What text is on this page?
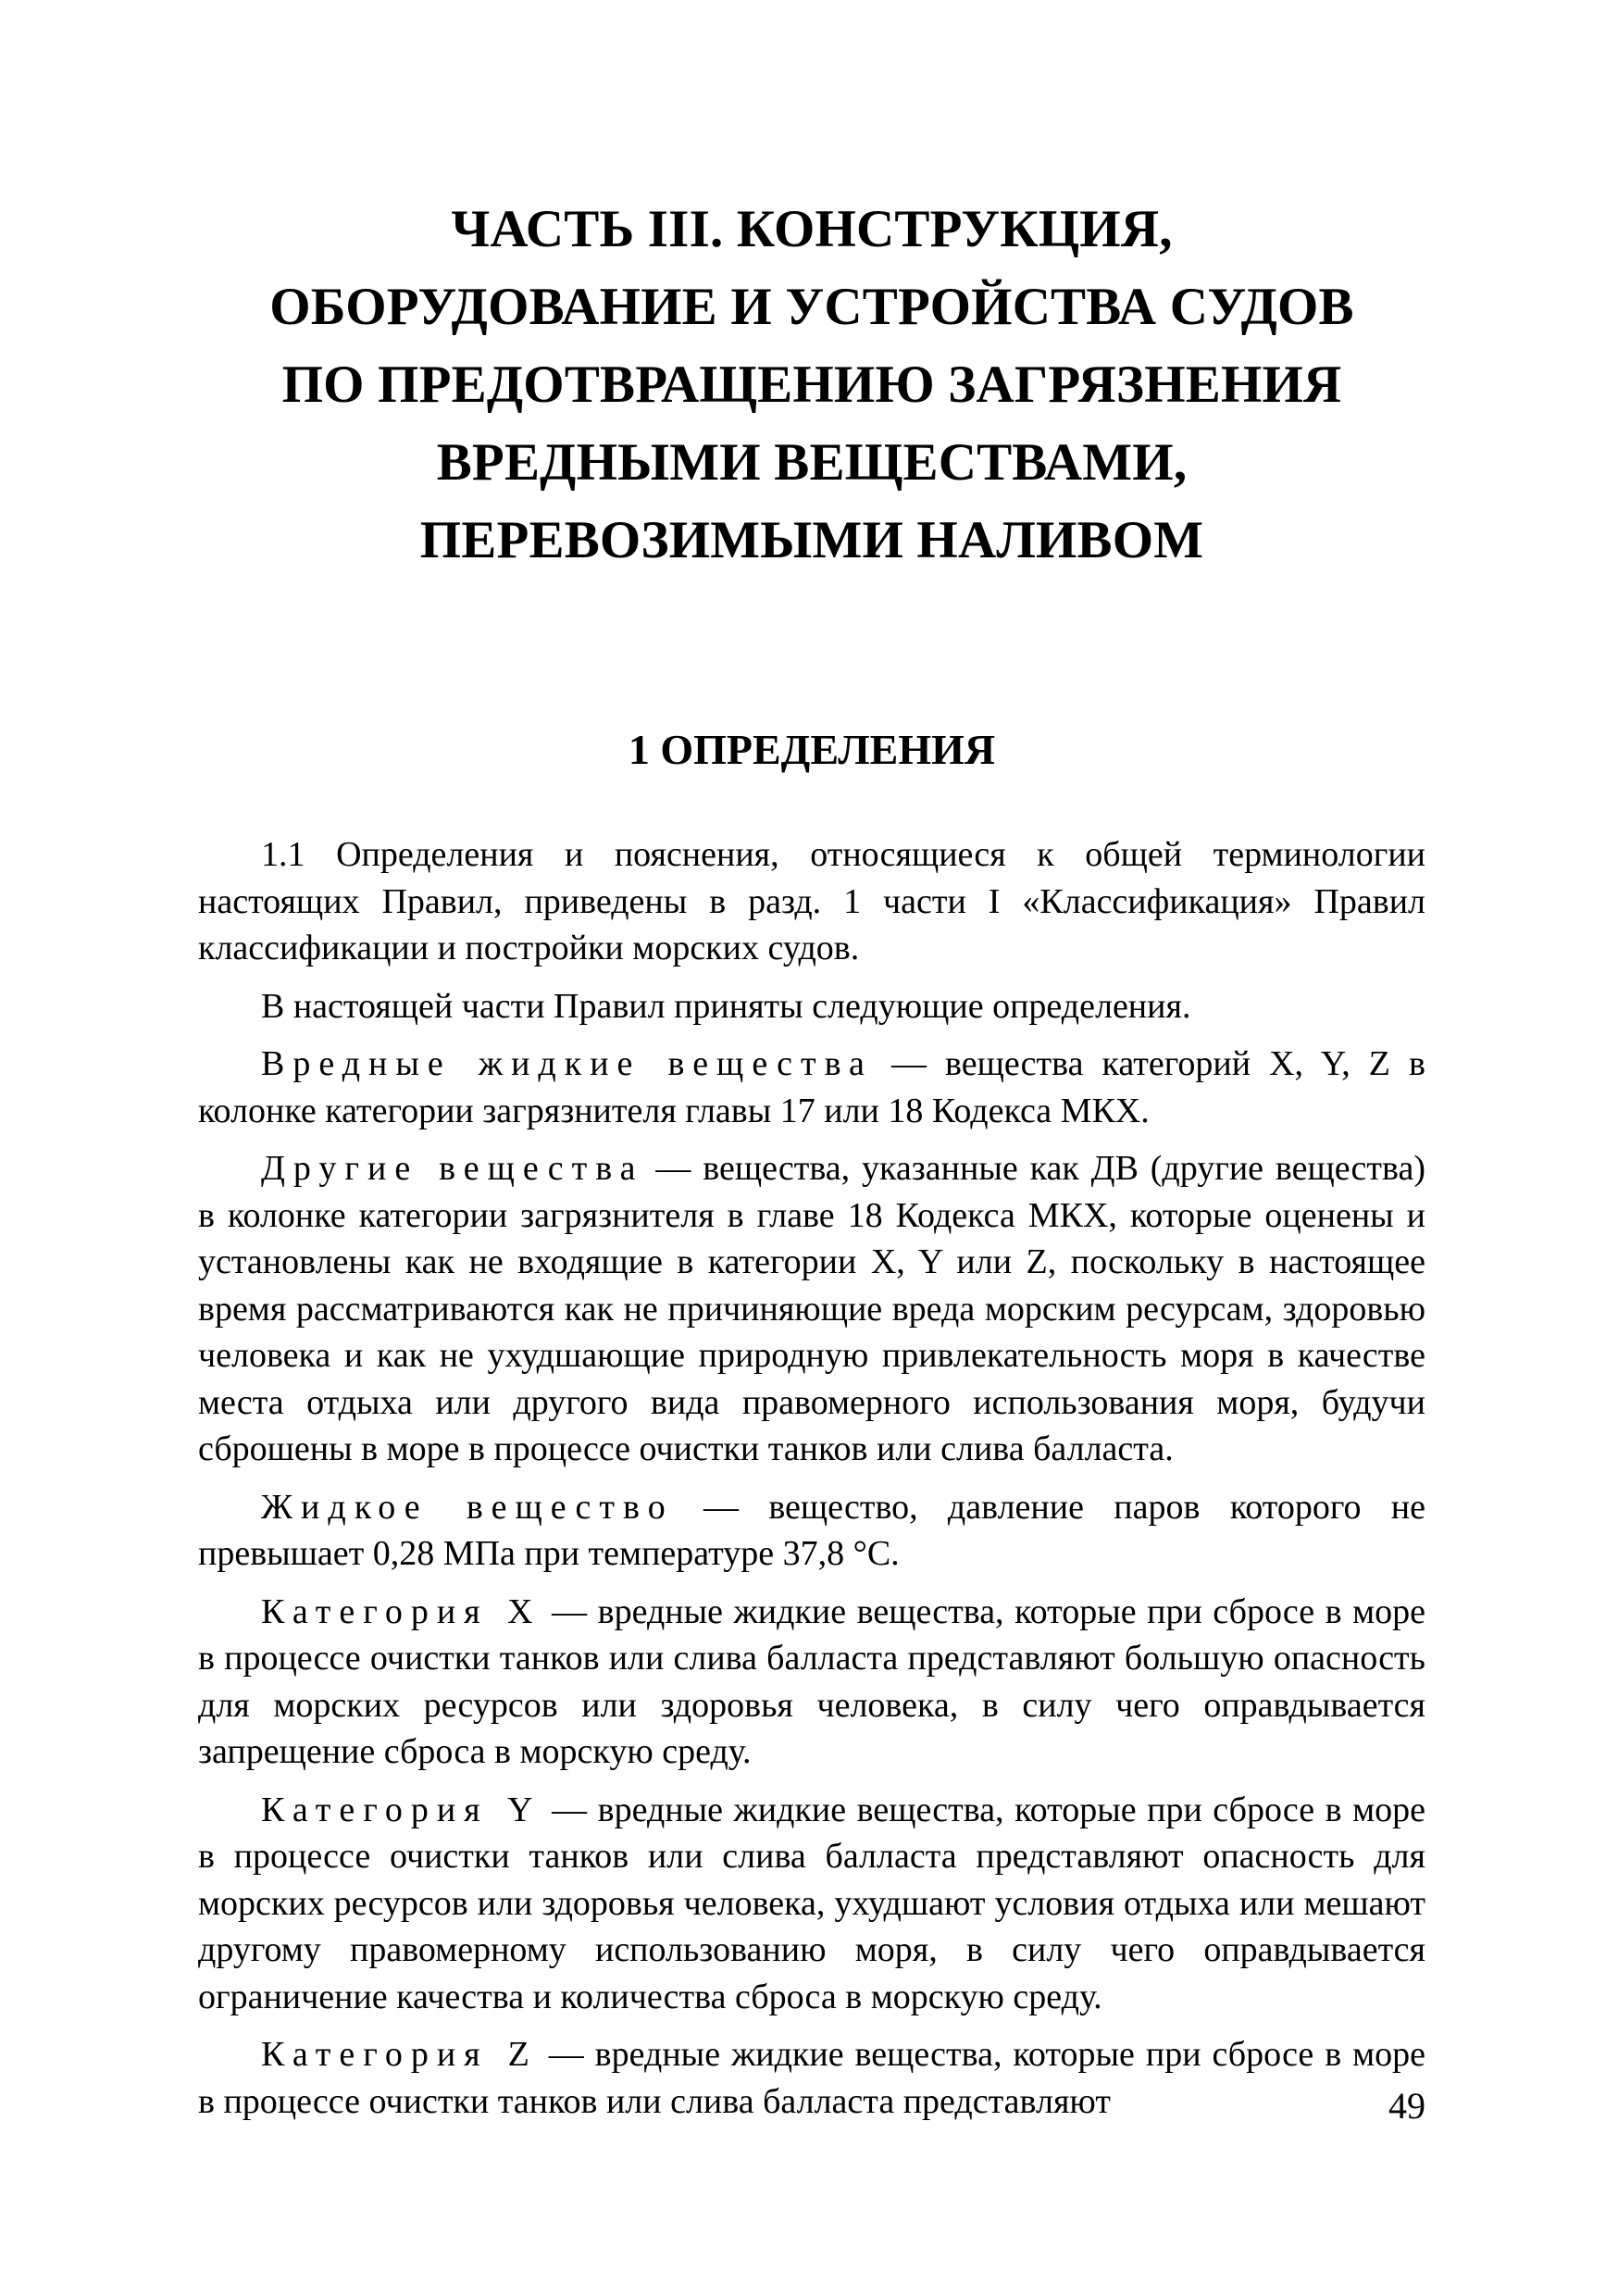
ЧАСТЬ III. КОНСТРУКЦИЯ,
ОБОРУДОВАНИЕ И УСТРОЙСТВА СУДОВ
ПО ПРЕДОТВРАЩЕНИЮ ЗАГРЯЗНЕНИЯ
ВРЕДНЫМИ ВЕЩЕСТВАМИ,
ПЕРЕВОЗИМЫМИ НАЛИВОМ
1 ОПРЕДЕЛЕНИЯ

1.1 Определения и пояснения, относящиеся к общей терминологии настоящих Правил, приведены в разд. 1 части I «Классификация» Правил классификации и постройки морских судов.

В настоящей части Правил приняты следующие определения.

Вредные жидкие вещества — вещества категорий X, Y, Z в колонке категории загрязнителя главы 17 или 18 Кодекса МКХ.

Другие вещества — вещества, указанные как ДВ (другие вещества) в колонке категории загрязнителя в главе 18 Кодекса МКХ, которые оценены и установлены как не входящие в категории X, Y или Z, поскольку в настоящее время рассматриваются как не причиняющие вреда морским ресурсам, здоровью человека и как не ухудшающие природную привлекательность моря в качестве места отдыха или другого вида правомерного использования моря, будучи сброшены в море в процессе очистки танков или слива балласта.

Жидкое вещество — вещество, давление паров которого не превышает 0,28 МПа при температуре 37,8 °С.

Категория X — вредные жидкие вещества, которые при сбросе в море в процессе очистки танков или слива балласта представляют большую опасность для морских ресурсов или здоровья человека, в силу чего оправдывается запрещение сброса в морскую среду.

Категория Y — вредные жидкие вещества, которые при сбросе в море в процессе очистки танков или слива балласта представляют опасность для морских ресурсов или здоровья человека, ухудшают условия отдыха или мешают другому правомерному использованию моря, в силу чего оправдывается ограничение качества и количества сброса в морскую среду.

Категория Z — вредные жидкие вещества, которые при сбросе в море в процессе очистки танков или слива балласта представляют	49
